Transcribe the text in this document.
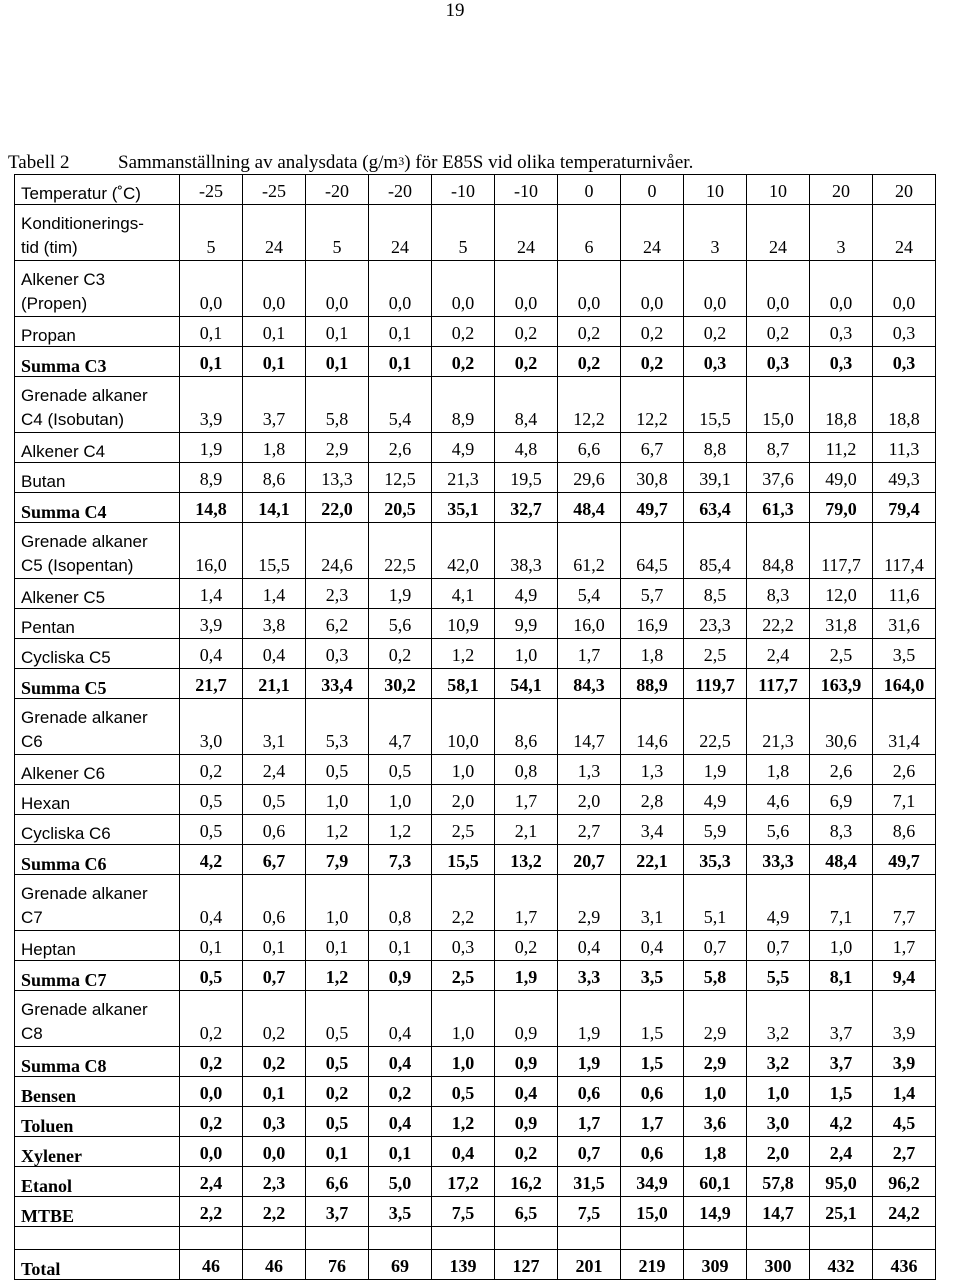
19
Tabell 2	Sammanställning av analysdata $(g/m^3)$ för E85S vid olika temperaturnivåer.
Temperatur (˚C)	-25	-25	-20	-20	-10	-10	0	0	10	10	20	20

Konditionerings-
tid (tim)	5	24	5	24	5	24	6	24	3	24	3	24

Alkener C3
(Propen)	0,0	0,0	0,0	0,0	0,0	0,0	0,0	0,0	0,0	0,0	0,0	0,0
Propan	0,1	0,1	0,1	0,1	0,2	0,2	0,2	0,2	0,2	0,2	0,3	0,3
Summa C3	0,1	0,1	0,1	0,1	0,2	0,2	0,2	0,2	0,3	0,3	0,3	0,3

Grenade alkaner
C4 (Isobutan)	3,9	3,7	5,8	5,4	8,9	8,4	12,2	12,2	15,5	15,0	18,8	18,8
Alkener C4	1,9	1,8	2,9	2,6	4,9	4,8	6,6	6,7	8,8	8,7	11,2	11,3
Butan	8,9	8,6	13,3	12,5	21,3	19,5	29,6	30,8	39,1	37,6	49,0	49,3
Summa C4	14,8	14,1	22,0	20,5	35,1	32,7	48,4	49,7	63,4	61,3	79,0	79,4

Grenade alkaner
C5 (Isopentan)	16,0	15,5	24,6	22,5	42,0	38,3	61,2	64,5	85,4	84,8	117,7	117,4
Alkener C5	1,4	1,4	2,3	1,9	4,1	4,9	5,4	5,7	8,5	8,3	12,0	11,6
Pentan	3,9	3,8	6,2	5,6	10,9	9,9	16,0	16,9	23,3	22,2	31,8	31,6
Cycliska C5	0,4	0,4	0,3	0,2	1,2	1,0	1,7	1,8	2,5	2,4	2,5	3,5
Summa C5	21,7	21,1	33,4	30,2	58,1	54,1	84,3	88,9	119,7	117,7	163,9	164,0

Grenade alkaner
C6	3,0	3,1	5,3	4,7	10,0	8,6	14,7	14,6	22,5	21,3	30,6	31,4
Alkener C6	0,2	2,4	0,5	0,5	1,0	0,8	1,3	1,3	1,9	1,8	2,6	2,6
Hexan	0,5	0,5	1,0	1,0	2,0	1,7	2,0	2,8	4,9	4,6	6,9	7,1
Cycliska C6	0,5	0,6	1,2	1,2	2,5	2,1	2,7	3,4	5,9	5,6	8,3	8,6
Summa C6	4,2	6,7	7,9	7,3	15,5	13,2	20,7	22,1	35,3	33,3	48,4	49,7

Grenade alkaner
C7	0,4	0,6	1,0	0,8	2,2	1,7	2,9	3,1	5,1	4,9	7,1	7,7
Heptan	0,1	0,1	0,1	0,1	0,3	0,2	0,4	0,4	0,7	0,7	1,0	1,7
Summa C7	0,5	0,7	1,2	0,9	2,5	1,9	3,3	3,5	5,8	5,5	8,1	9,4

Grenade alkaner
C8	0,2	0,2	0,5	0,4	1,0	0,9	1,9	1,5	2,9	3,2	3,7	3,9
Summa C8	0,2	0,2	0,5	0,4	1,0	0,9	1,9	1,5	2,9	3,2	3,7	3,9
Bensen	0,0	0,1	0,2	0,2	0,5	0,4	0,6	0,6	1,0	1,0	1,5	1,4
Toluen	0,2	0,3	0,5	0,4	1,2	0,9	1,7	1,7	3,6	3,0	4,2	4,5
Xylener	0,0	0,0	0,1	0,1	0,4	0,2	0,7	0,6	1,8	2,0	2,4	2,7
Etanol	2,4	2,3	6,6	5,0	17,2	16,2	31,5	34,9	60,1	57,8	95,0	96,2
MTBE	2,2	2,2	3,7	3,5	7,5	6,5	7,5	15,0	14,9	14,7	25,1	24,2

Total	46	46	76	69	139	127	201	219	309	300	432	436
